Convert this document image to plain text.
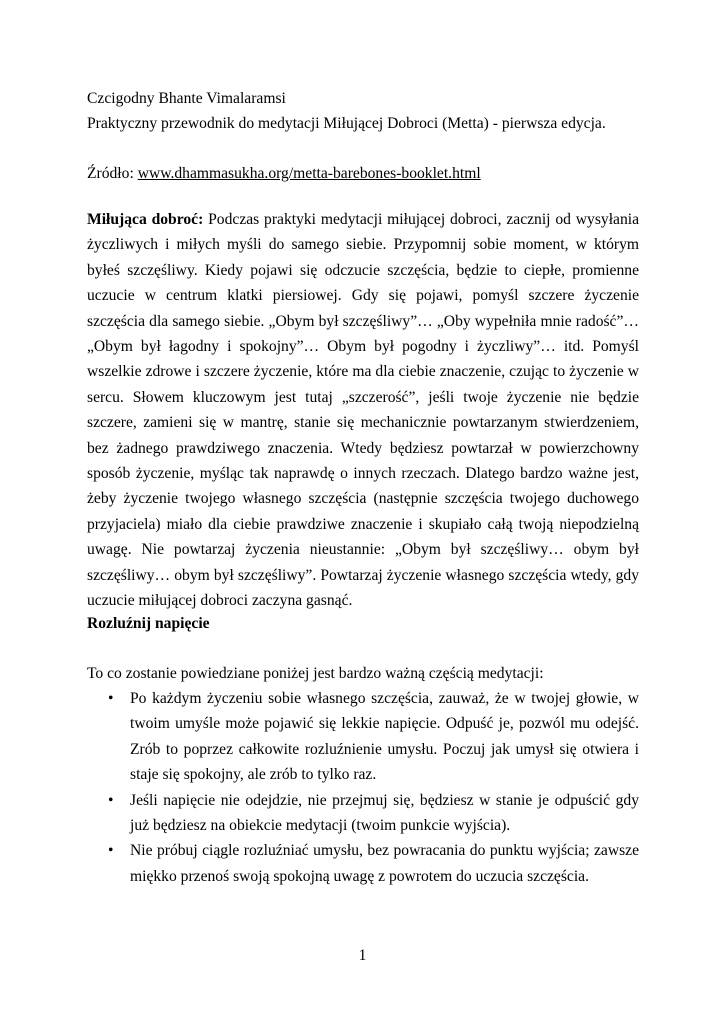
Czcigodny Bhante Vimalaramsi
Praktyczny przewodnik do medytacji Miłującej Dobroci (Metta) - pierwsza edycja.
Źródło: www.dhammasukha.org/metta-barebones-booklet.html

Miłująca dobroć: Podczas praktyki medytacji miłującej dobroci, zacznij od wysyłania życzliwych i miłych myśli do samego siebie. Przypomnij sobie moment, w którym byłeś szczęśliwy. Kiedy pojawi się odczucie szczęścia, będzie to ciepłe, promienne uczucie w centrum klatki piersiowej. Gdy się pojawi, pomyśl szczere życzenie szczęścia dla samego siebie. „Obym był szczęśliwy”… „Oby wypełniła mnie radość”… „Obym był łagodny i spokojny”… Obym był pogodny i życzliwy”… itd. Pomyśl wszelkie zdrowe i szczere życzenie, które ma dla ciebie znaczenie, czując to życzenie w sercu. Słowem kluczowym jest tutaj „szczerość”, jeśli twoje życzenie nie będzie szczere, zamieni się w mantrę, stanie się mechanicznie powtarzanym stwierdzeniem, bez żadnego prawdziwego znaczenia. Wtedy będziesz powtarzał w powierzchowny sposób życzenie, myśląc tak naprawdę o innych rzeczach. Dlatego bardzo ważne jest, żeby życzenie twojego własnego szczęścia (następnie szczęścia twojego duchowego przyjaciela) miało dla ciebie prawdziwe znaczenie i skupiało całą twoją niepodzielną uwagę. Nie powtarzaj życzenia nieustannie: „Obym był szczęśliwy… obym był szczęśliwy… obym był szczęśliwy”. Powtarzaj życzenie własnego szczęścia wtedy, gdy uczucie miłującej dobroci zaczyna gasnąć.

Rozluźnij napięcie
To co zostanie powiedziane poniżej jest bardzo ważną częścią medytacji:
• Po każdym życzeniu sobie własnego szczęścia, zauważ, że w twojej głowie, w twoim umyśle może pojawić się lekkie napięcie. Odpuść je, pozwól mu odejść. Zrób to poprzez całkowite rozluźnienie umysłu. Poczuj jak umysł się otwiera i staje się spokojny, ale zrób to tylko raz.
• Jeśli napięcie nie odejdzie, nie przejmuj się, będziesz w stanie je odpuścić gdy już będziesz na obiekcie medytacji (twoim punkcie wyjścia).
• Nie próbuj ciągle rozluźniać umysłu, bez powracania do punktu wyjścia; zawsze miękko przenoś swoją spokojną uwagę z powrotem do uczucia szczęścia.
1
